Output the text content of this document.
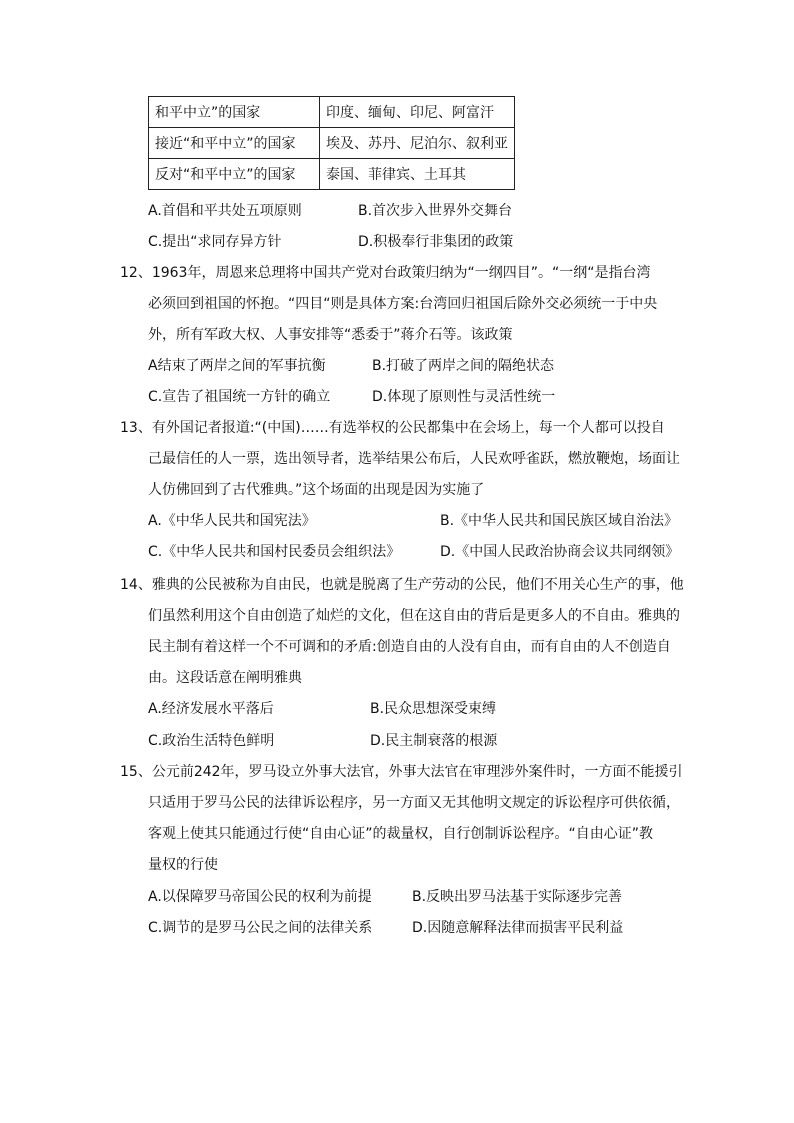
和平中立”的国家	印度、缅甸、印尼、阿富汗
接近“和平中立”的国家	埃及、苏丹、尼泊尔、叙利亚
反对“和平中立”的国家	泰国、菲律宾、土耳其
A.首倡和平共处五项原则	B.首次步入世界外交舞台
C.提出“求同存异方针	D.积极奉行非集团的政策
12、1963年，周恩来总理将中国共产党对台政策归纳为“一纲四目”。“一纲“是指台湾
必须回到祖国的怀抱。“四目“则是具体方案:台湾回归祖国后除外交必须统一于中央
外，所有军政大权、人事安排等“悉委于”蒋介石等。该政策
A结束了两岸之间的军事抗衡	B.打破了两岸之间的隔绝状态
C.宣告了祖国统一方针的确立	D.体现了原则性与灵活性统一
13、有外国记者报道:“(中国)……有选举权的公民都集中在会场上，每一个人都可以投自
己最信任的人一票，选出领导者，选举结果公布后，人民欢呼雀跃，燃放鞭炮，场面让
人仿佛回到了古代雅典。”这个场面的出现是因为实施了
A.《中华人民共和国宪法》	B.《中华人民共和国民族区域自治法》
C.《中华人民共和国村民委员会组织法》	D.《中国人民政治协商会议共同纲领》
14、雅典的公民被称为自由民，也就是脱离了生产劳动的公民，他们不用关心生产的事，他
们虽然利用这个自由创造了灿烂的文化，但在这自由的背后是更多人的不自由。雅典的
民主制有着这样一个不可调和的矛盾:创造自由的人没有自由，而有自由的人不创造自
由。这段话意在阐明雅典
A.经济发展水平落后	B.民众思想深受束缚
C.政治生活特色鲜明	D.民主制衰落的根源
15、公元前242年，罗马设立外事大法官，外事大法官在审理涉外案件时，一方面不能援引
只适用于罗马公民的法律诉讼程序，另一方面又无其他明文规定的诉讼程序可供依循，
客观上使其只能通过行使“自由心证”的裁量权，自行创制诉讼程序。“自由心证”教
量权的行使
A.以保障罗马帝国公民的权利为前提	B.反映出罗马法基于实际逐步完善
C.调节的是罗马公民之间的法律关系	D.因随意解释法律而损害平民利益
